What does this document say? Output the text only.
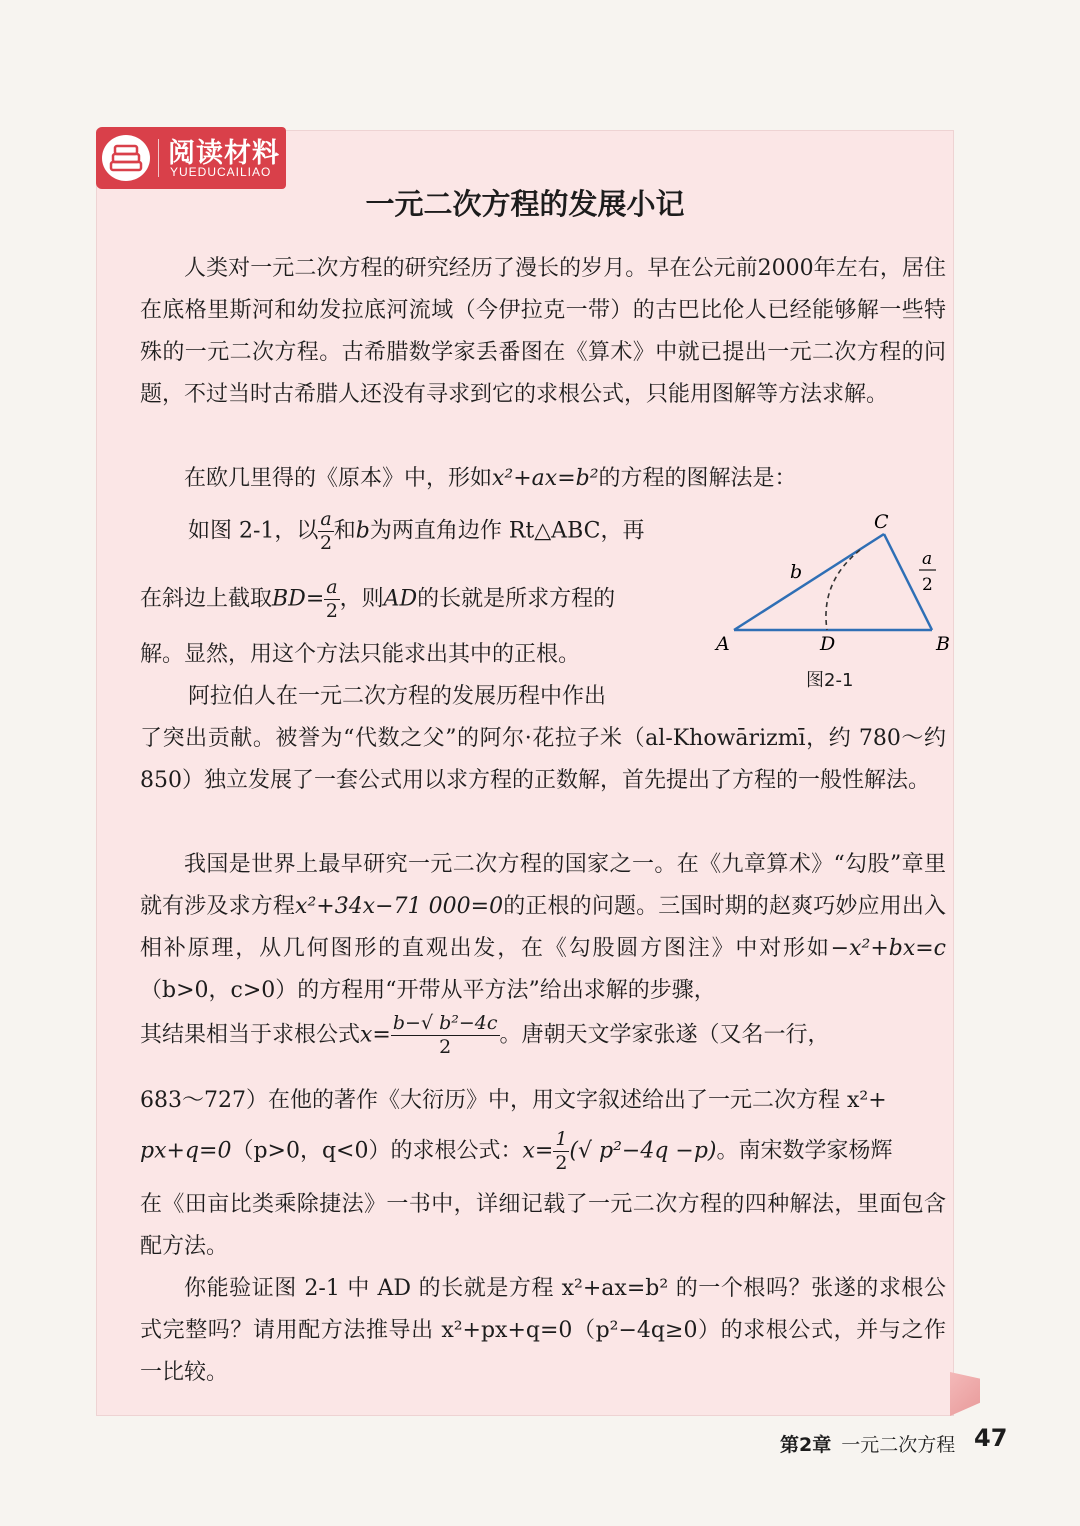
阅读材料
YUEDUCAILIAO
一元二次方程的发展小记
人类对一元二次方程的研究经历了漫长的岁月。早在公元前2000年左右，居住在底格里斯河和幼发拉底河流域（今伊拉克一带）的古巴比伦人已经能够解一些特殊的一元二次方程。古希腊数学家丢番图在《算术》中就已提出一元二次方程的问题，不过当时古希腊人还没有寻求到它的求根公式，只能用图解等方法求解。
在欧几里得的《原本》中，形如x²+ax=b²的方程的图解法是：
如图 2-1，以 $\frac{a}{2}$ 和b为两直角边作 Rt△ABC，再
在斜边上截取$BD= \frac{a}{2}$ ，则AD的长就是所求方程的
解。显然，用这个方法只能求出其中的正根。
阿拉伯人在一元二次方程的发展历程中作出
了突出贡献。被誉为“代数之父”的阿尔·花拉子米（al-Khowārizmī，约 780～约 850）独立发展了一套公式用以求方程的正数解，首先提出了方程的一般性解法。
A	B
C
D
b
a
2
图2-1
我国是世界上最早研究一元二次方程的国家之一。在《九章算术》“勾股”章里就有涉及求方程x²+34x−71 000=0的正根的问题。三国时期的赵爽巧妙应用出入相补原理，从几何图形的直观出发，在《勾股圆方图注》中对形如−x²+bx=c（b>0，c>0）的方程用“开带从平方法”给出求解的步骤，
其结果相当于求根公式$x= \frac{\text{b−√ b²−4c}}{2}$ 。唐朝天文学家张遂（又名一行，
683～727）在他的著作《大衍历》中，用文字叙述给出了一元二次方程 x²+
px+q=0（p>0，q<0）的求根公式：$x= \frac{1}{2}$ (√ p²−4q −p)。南宋数学家杨辉
在《田亩比类乘除捷法》一书中，详细记载了一元二次方程的四种解法，里面包含配方法。
你能验证图 2-1 中 AD 的长就是方程 x²+ax=b² 的一个根吗？张遂的求根公式完整吗？请用配方法推导出 x²+px+q=0（p²−4q≥0）的求根公式，并与之作一比较。
第2章 一元二次方程 47
